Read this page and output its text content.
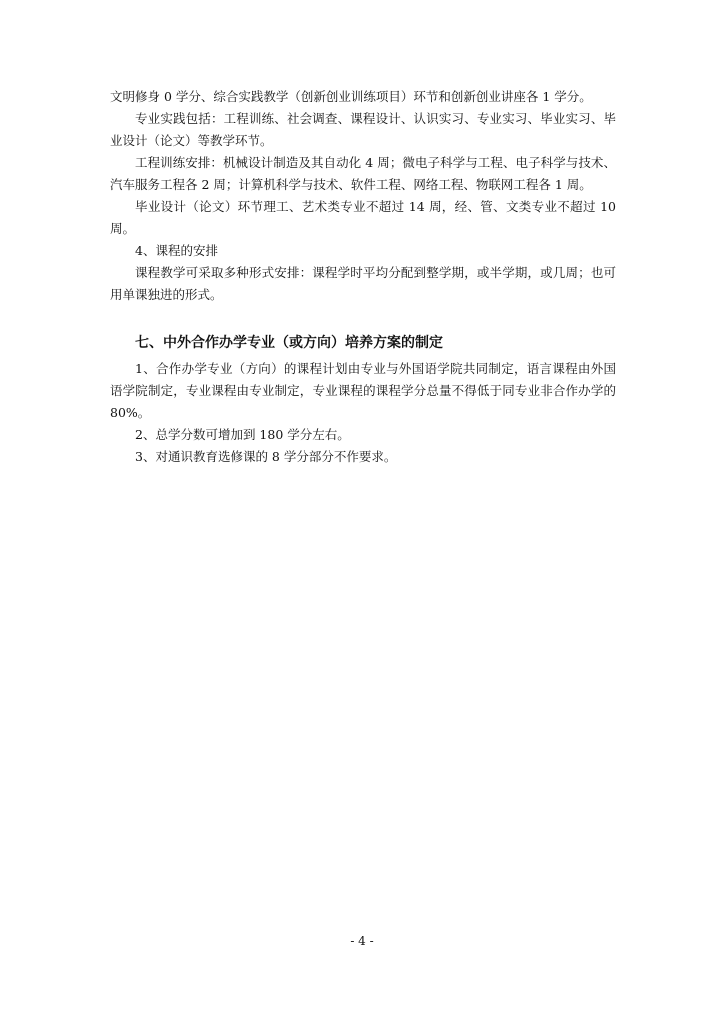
文明修身 0 学分、综合实践教学（创新创业训练项目）环节和创新创业讲座各 1 学分。

专业实践包括：工程训练、社会调查、课程设计、认识实习、专业实习、毕业实习、毕业设计（论文）等教学环节。

工程训练安排：机械设计制造及其自动化 4 周；微电子科学与工程、电子科学与技术、汽车服务工程各 2 周；计算机科学与技术、软件工程、网络工程、物联网工程各 1 周。

毕业设计（论文）环节理工、艺术类专业不超过 14 周，经、管、文类专业不超过 10 周。

4、课程的安排

课程教学可采取多种形式安排：课程学时平均分配到整学期，或半学期，或几周；也可用单课独进的形式。

七、中外合作办学专业（或方向）培养方案的制定

1、合作办学专业（方向）的课程计划由专业与外国语学院共同制定，语言课程由外国语学院制定，专业课程由专业制定，专业课程的课程学分总量不得低于同专业非合作办学的 80%。

2、总学分数可增加到 180 学分左右。

3、对通识教育选修课的 8 学分部分不作要求。

- 4 -
